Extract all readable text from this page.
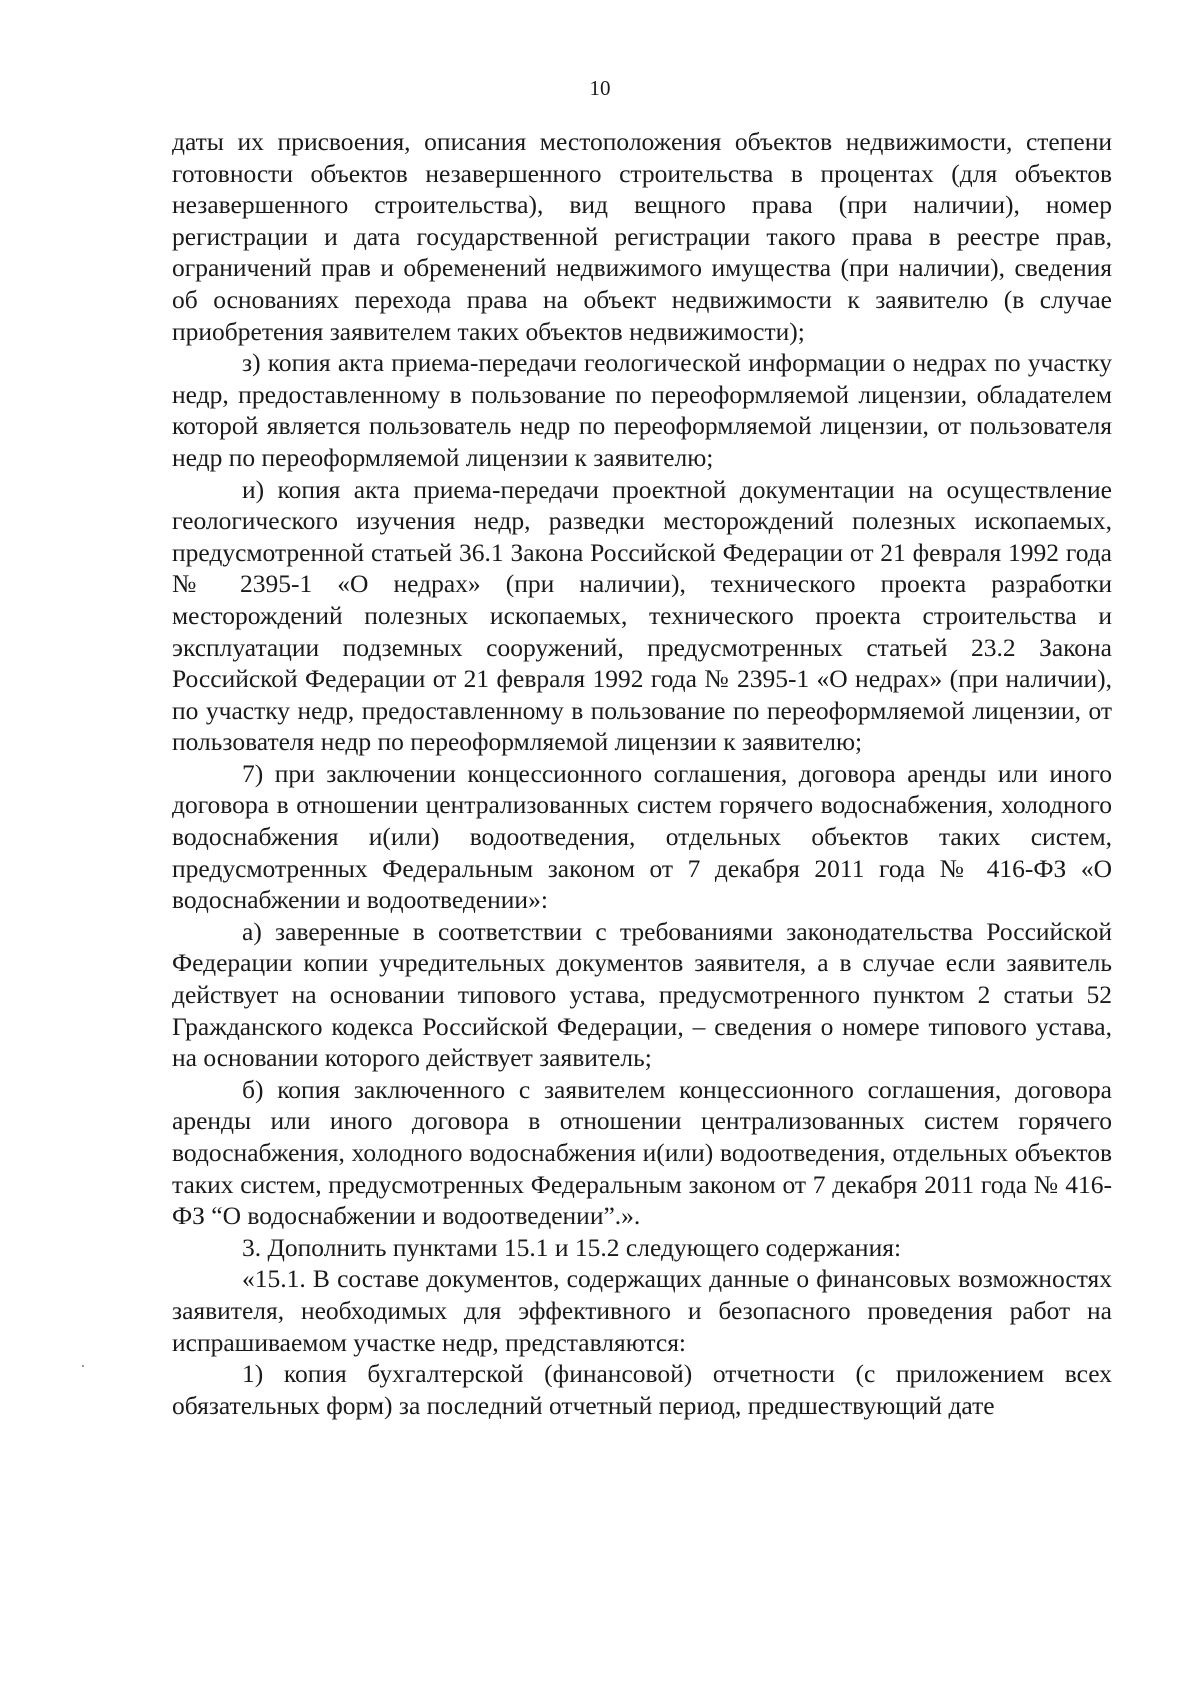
10

даты их присвоения, описания местоположения объектов недвижимости, степени готовности объектов незавершенного строительства в процентах (для объектов незавершенного строительства), вид вещного права (при наличии), номер регистрации и дата государственной регистрации такого права в реестре прав, ограничений прав и обременений недвижимого имущества (при наличии), сведения об основаниях перехода права на объект недвижимости к заявителю (в случае приобретения заявителем таких объектов недвижимости);

з) копия акта приема-передачи геологической информации о недрах по участку недр, предоставленному в пользование по переоформляемой лицензии, обладателем которой является пользователь недр по переоформляемой лицензии, от пользователя недр по переоформляемой лицензии к заявителю;

и) копия акта приема-передачи проектной документации на осуществление геологического изучения недр, разведки месторождений полезных ископаемых, предусмотренной статьей 36.1 Закона Российской Федерации от 21 февраля 1992 года № 2395-1 «О недрах» (при наличии), технического проекта разработки месторождений полезных ископаемых, технического проекта строительства и эксплуатации подземных сооружений, предусмотренных статьей 23.2 Закона Российской Федерации от 21 февраля 1992 года № 2395-1 «О недрах» (при наличии), по участку недр, предоставленному в пользование по переоформляемой лицензии, от пользователя недр по переоформляемой лицензии к заявителю;

7) при заключении концессионного соглашения, договора аренды или иного договора в отношении централизованных систем горячего водоснабжения, холодного водоснабжения и(или) водоотведения, отдельных объектов таких систем, предусмотренных Федеральным законом от 7 декабря 2011 года № 416-ФЗ «О водоснабжении и водоотведении»:

а) заверенные в соответствии с требованиями законодательства Российской Федерации копии учредительных документов заявителя, а в случае если заявитель действует на основании типового устава, предусмотренного пунктом 2 статьи 52 Гражданского кодекса Российской Федерации, – сведения о номере типового устава, на основании которого действует заявитель;

б) копия заключенного с заявителем концессионного соглашения, договора аренды или иного договора в отношении централизованных систем горячего водоснабжения, холодного водоснабжения и(или) водоотведения, отдельных объектов таких систем, предусмотренных Федеральным законом от 7 декабря 2011 года № 416-ФЗ “О водоснабжении и водоотведении”.».

3. Дополнить пунктами 15.1 и 15.2 следующего содержания:

«15.1. В составе документов, содержащих данные о финансовых возможностях заявителя, необходимых для эффективного и безопасного проведения работ на испрашиваемом участке недр, представляются:

1) копия бухгалтерской (финансовой) отчетности (с приложением всех обязательных форм) за последний отчетный период, предшествующий дате
